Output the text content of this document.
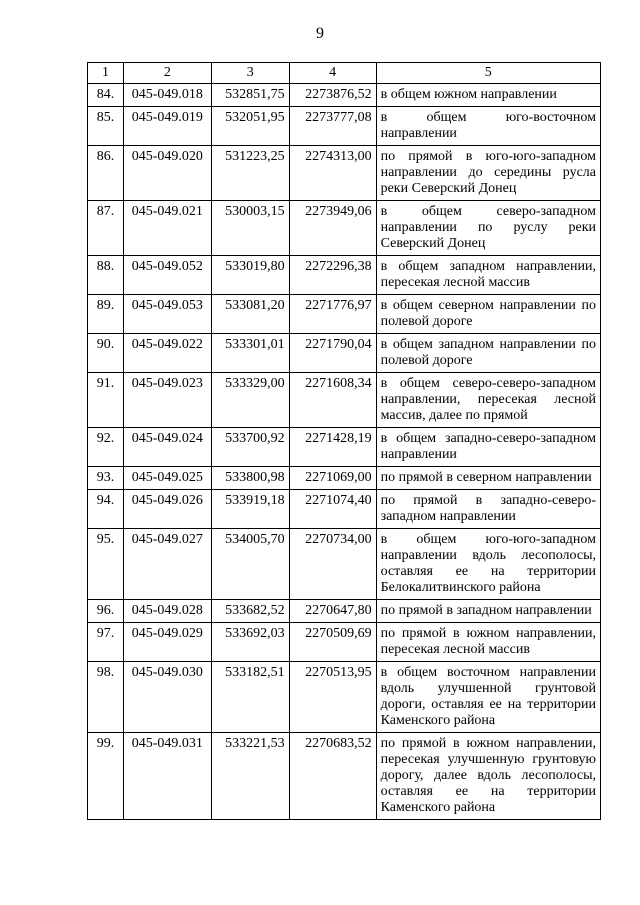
9
1	2	3	4	5
84.	045-049.018	532851,75	2273876,52	в общем южном направлении
85.	045-049.019	532051,95	2273777,08	в общем юго-восточном направлении
86.	045-049.020	531223,25	2274313,00	по прямой в юго-юго-западном направлении до середины русла реки Северский Донец
87.	045-049.021	530003,15	2273949,06	в общем северо-западном направлении по руслу реки Северский Донец
88.	045-049.052	533019,80	2272296,38	в общем западном направлении, пересекая лесной массив
89.	045-049.053	533081,20	2271776,97	в общем северном направлении по полевой дороге
90.	045-049.022	533301,01	2271790,04	в общем западном направлении по полевой дороге
91.	045-049.023	533329,00	2271608,34	в общем северо-северо-западном направлении, пересекая лесной массив, далее по прямой
92.	045-049.024	533700,92	2271428,19	в общем западно-северо-западном направлении
93.	045-049.025	533800,98	2271069,00	по прямой в северном направлении
94.	045-049.026	533919,18	2271074,40	по прямой в западно-северо-западном направлении
95.	045-049.027	534005,70	2270734,00	в общем юго-юго-западном направлении вдоль лесополосы, оставляя ее на территории Белокалитвинского района
96.	045-049.028	533682,52	2270647,80	по прямой в западном направлении
97.	045-049.029	533692,03	2270509,69	по прямой в южном направлении, пересекая лесной массив
98.	045-049.030	533182,51	2270513,95	в общем восточном направлении вдоль улучшенной грунтовой дороги, оставляя ее на территории Каменского района
99.	045-049.031	533221,53	2270683,52	по прямой в южном направлении, пересекая улучшенную грунтовую дорогу, далее вдоль лесополосы, оставляя ее на территории Каменского района
